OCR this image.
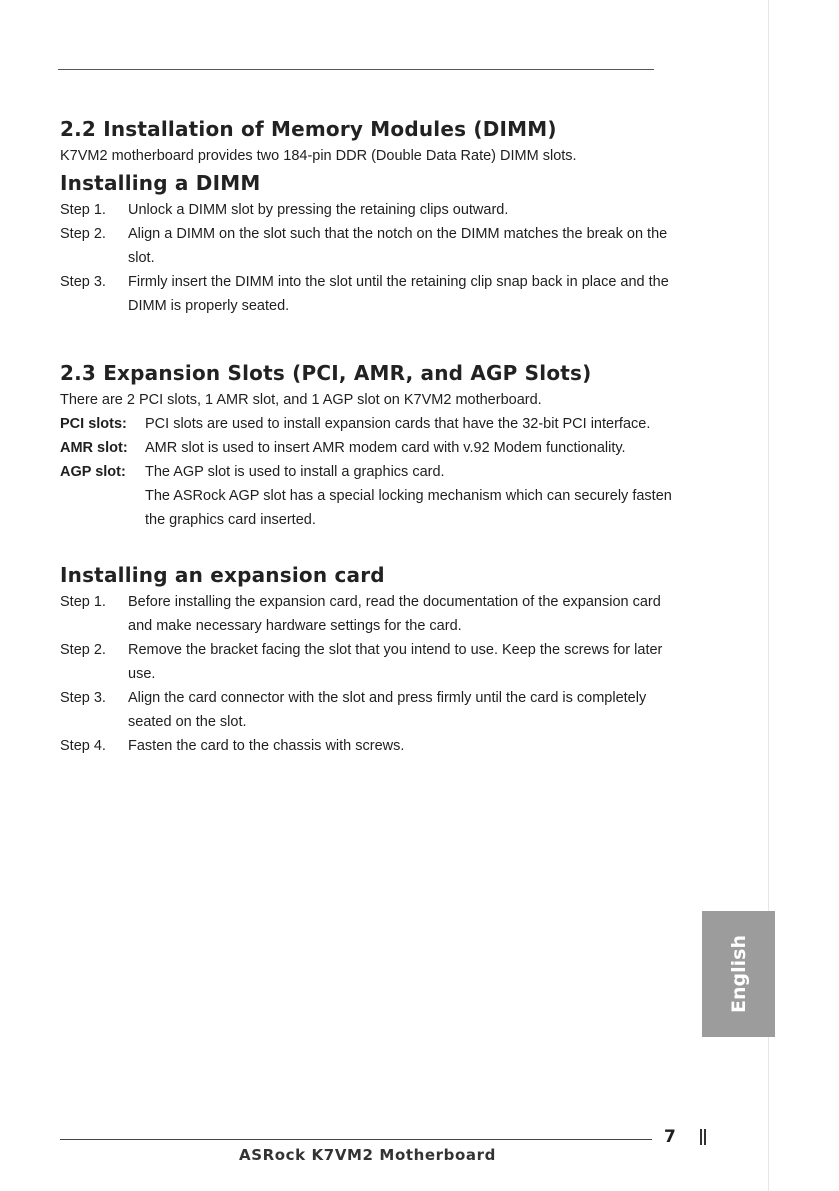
2.2 Installation of Memory Modules (DIMM)

K7VM2 motherboard provides two 184-pin DDR (Double Data Rate) DIMM slots.

Installing a DIMM
Step 1.	Unlock a DIMM slot by pressing the retaining clips outward.
Step 2.	Align a DIMM on the slot such that the notch on the DIMM matches the break on the slot.
Step 3.	Firmly insert the DIMM into the slot until the retaining clip snap back in place and the DIMM is properly seated.
2.3 Expansion Slots (PCI, AMR, and AGP Slots)

There are 2 PCI slots, 1 AMR slot, and 1 AGP slot on K7VM2 motherboard.

PCI slots:	PCI slots are used to install expansion cards that have the 32-bit PCI interface.
AMR slot:	AMR slot is used to insert AMR modem card with v.92 Modem functionality.
AGP slot:	The AGP slot is used to install a graphics card.
The ASRock AGP slot has a special locking mechanism which can securely fasten the graphics card inserted.
Installing an expansion card
Step 1.	Before installing the expansion card, read the documentation of the expansion card and make necessary hardware settings for the card.
Step 2.	Remove the bracket facing the slot that you intend to use. Keep the screws for later use.
Step 3.	Align the card connector with the slot and press firmly until the card is completely seated on the slot.
Step 4.	Fasten the card to the chassis with screws.
English
7
ASRock K7VM2 Motherboard
